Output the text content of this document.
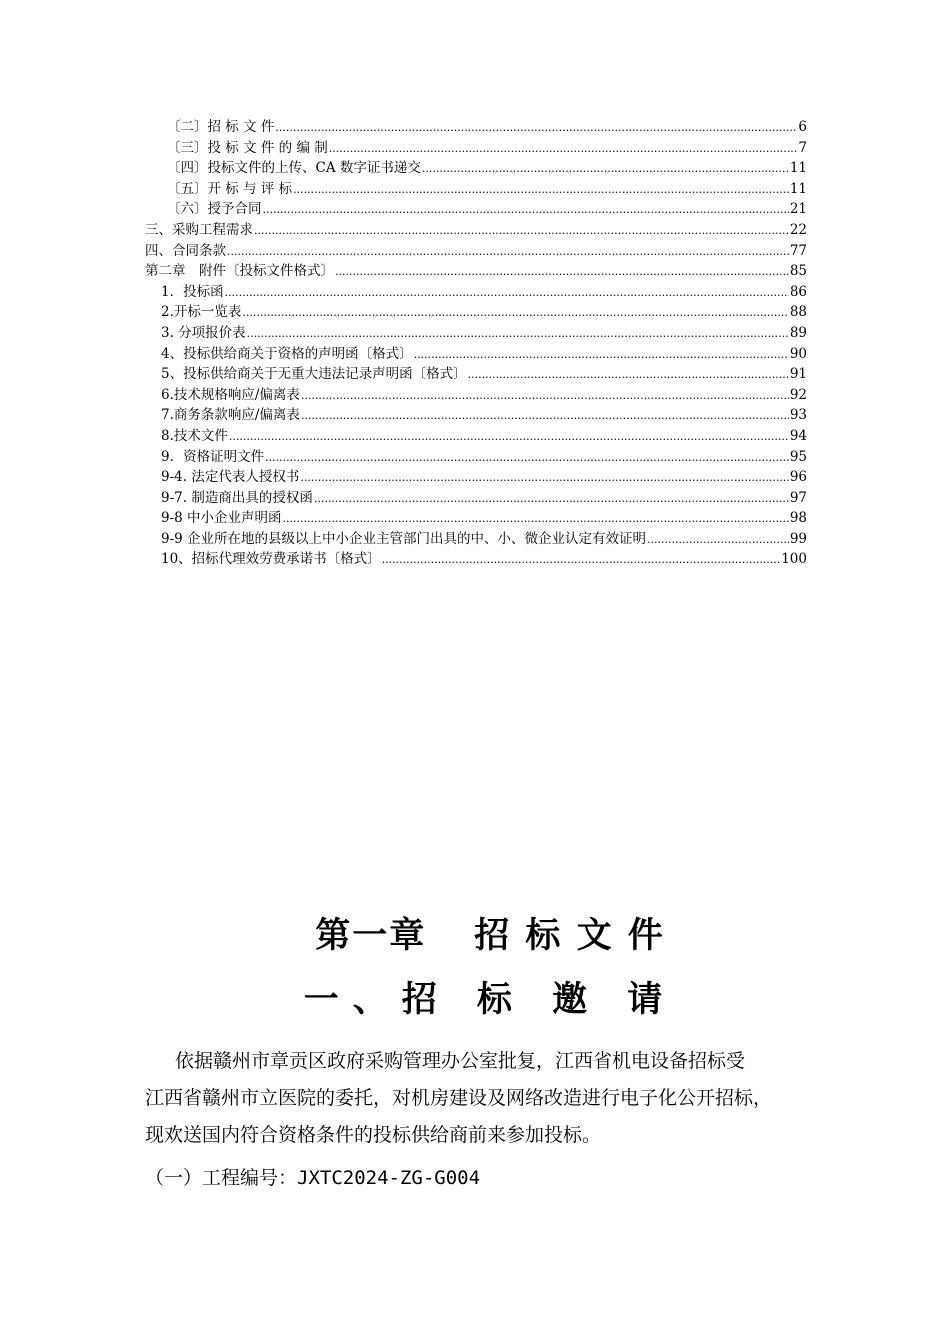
〔二〕招 标 文 件 .....	6
〔三〕投 标 文 件 的 编 制 .....	7
〔四〕投标文件的上传、CA 数字证书递交 .....	11
〔五〕开 标 与 评 标 .....	11
〔六〕授予合同 .....	21
三、采购工程需求 .....	22
四、合同条款 .....	77
第二章　附件〔投标文件格式〕 .....	85
1．投标函 .....	86
2.开标一览表 .....	88
3. 分项报价表 .....	89
4、投标供给商关于资格的声明函〔格式〕 .....	90
5、投标供给商关于无重大违法记录声明函〔格式〕 .....	91
6.技术规格响应/偏离表 .....	92
7.商务条款响应/偏离表 .....	93
8.技术文件 .....	94
9．资格证明文件 .....	95
9-4. 法定代表人授权书 .....	96
9-7. 制造商出具的授权函 .....	97
9-8 中小企业声明函 .....	98
9-9 企业所在地的县级以上中小企业主管部门出具的中、小、微企业认定有效证明 .....	99
10、招标代理效劳费承诺书〔格式〕 .....	100
第一章 招 标 文 件
一、招 标 邀 请

依据赣州市章贡区政府采购管理办公室批复，江西省机电设备招标受

江西省赣州市立医院的委托，对机房建设及网络改造进行电子化公开招标，

现欢送国内符合资格条件的投标供给商前来参加投标。

（一）工程编号：JXTC2024-ZG-G004
